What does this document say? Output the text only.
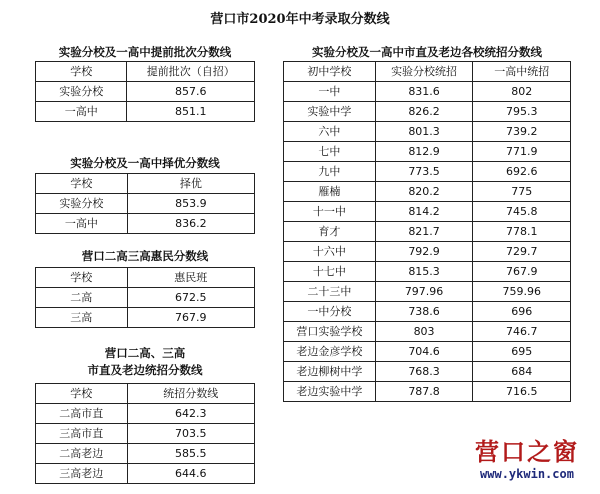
营口市2020年中考录取分数线
实验分校及一高中提前批次分数线
学校	提前批次（自招）
实验分校	857.6
一高中	851.1
实验分校及一高中择优分数线
学校	择优
实验分校	853.9
一高中	836.2
营口二高三高惠民分数线
学校	惠民班
二高	672.5
三高	767.9
营口二高、三高
市直及老边统招分数线
学校	统招分数线
二高市直	642.3
三高市直	703.5
二高老边	585.5
三高老边	644.6
实验分校及一高中市直及老边各校统招分数线
初中学校	实验分校统招	一高中统招
一中	831.6	802
实验中学	826.2	795.3
六中	801.3	739.2
七中	812.9	771.9
九中	773.5	692.6
雁楠	820.2	775
十一中	814.2	745.8
育才	821.7	778.1
十六中	792.9	729.7
十七中	815.3	767.9
二十三中	797.96	759.96
一中分校	738.6	696
营口实验学校	803	746.7
老边金彦学校	704.6	695
老边柳树中学	768.3	684
老边实验中学	787.8	716.5
营口之窗
www.ykwin.com
